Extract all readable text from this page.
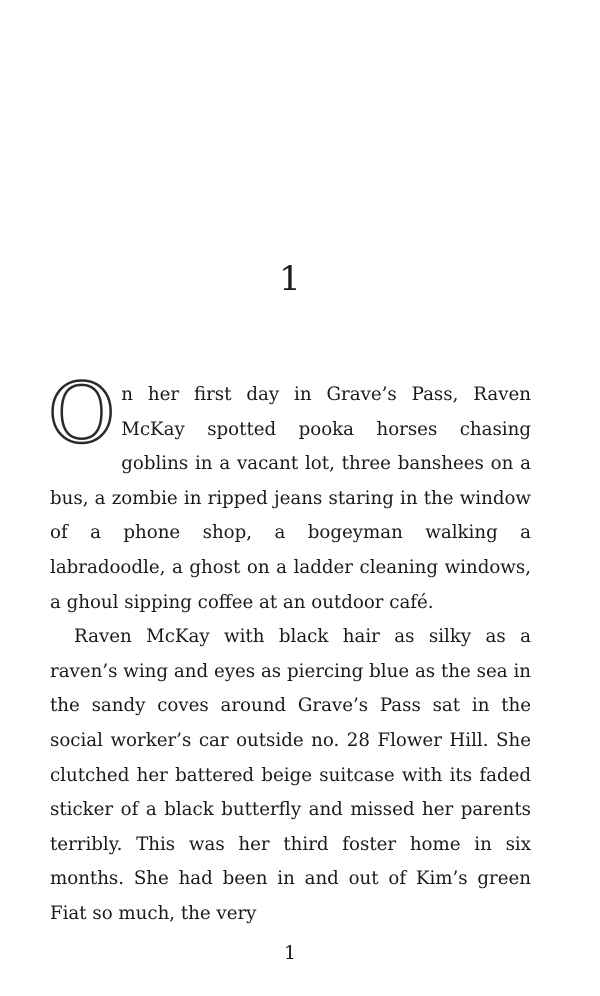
1

On her first day in Grave’s Pass, Raven McKay spotted pooka horses chasing goblins in a vacant lot, three banshees on a bus, a zombie in ripped jeans staring in the window of a phone shop, a bogeyman walking a labradoodle, a ghost on a ladder cleaning windows, a ghoul sipping coffee at an outdoor café.

Raven McKay with black hair as silky as a raven’s wing and eyes as piercing blue as the sea in the sandy coves around Grave’s Pass sat in the social worker’s car outside no. 28 Flower Hill. She clutched her battered beige suitcase with its faded sticker of a black butterfly and missed her parents terribly. This was her third foster home in six months. She had been in and out of Kim’s green Fiat so much, the very

1
